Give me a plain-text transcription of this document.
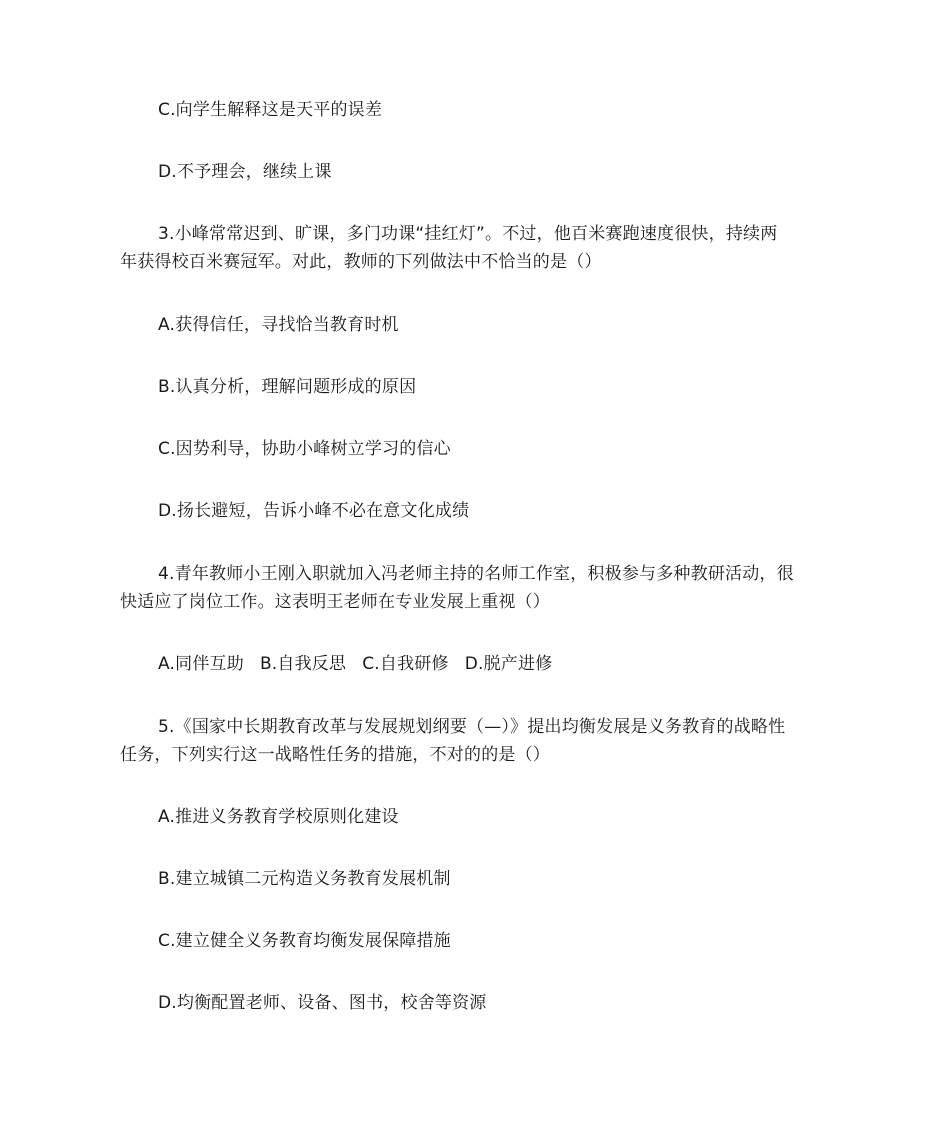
C.向学生解释这是天平的误差
D.不予理会，继续上课
3.小峰常常迟到、旷课，多门功课“挂红灯”。不过，他百米赛跑速度很快，持续两
年获得校百米赛冠军。对此，教师的下列做法中不恰当的是（）
A.获得信任，寻找恰当教育时机
B.认真分析，理解问题形成的原因
C.因势利导，协助小峰树立学习的信心
D.扬长避短，告诉小峰不必在意文化成绩
4.青年教师小王刚入职就加入冯老师主持的名师工作室，积极参与多种教研活动，很
快适应了岗位工作。这表明王老师在专业发展上重视（）
A.同伴互助 B.自我反思 C.自我研修 D.脱产进修
5.《国家中长期教育改革与发展规划纲要（—）》提出均衡发展是义务教育的战略性
任务，下列实行这一战略性任务的措施，不对的的是（）
A.推进义务教育学校原则化建设
B.建立城镇二元构造义务教育发展机制
C.建立健全义务教育均衡发展保障措施
D.均衡配置老师、设备、图书，校舍等资源
